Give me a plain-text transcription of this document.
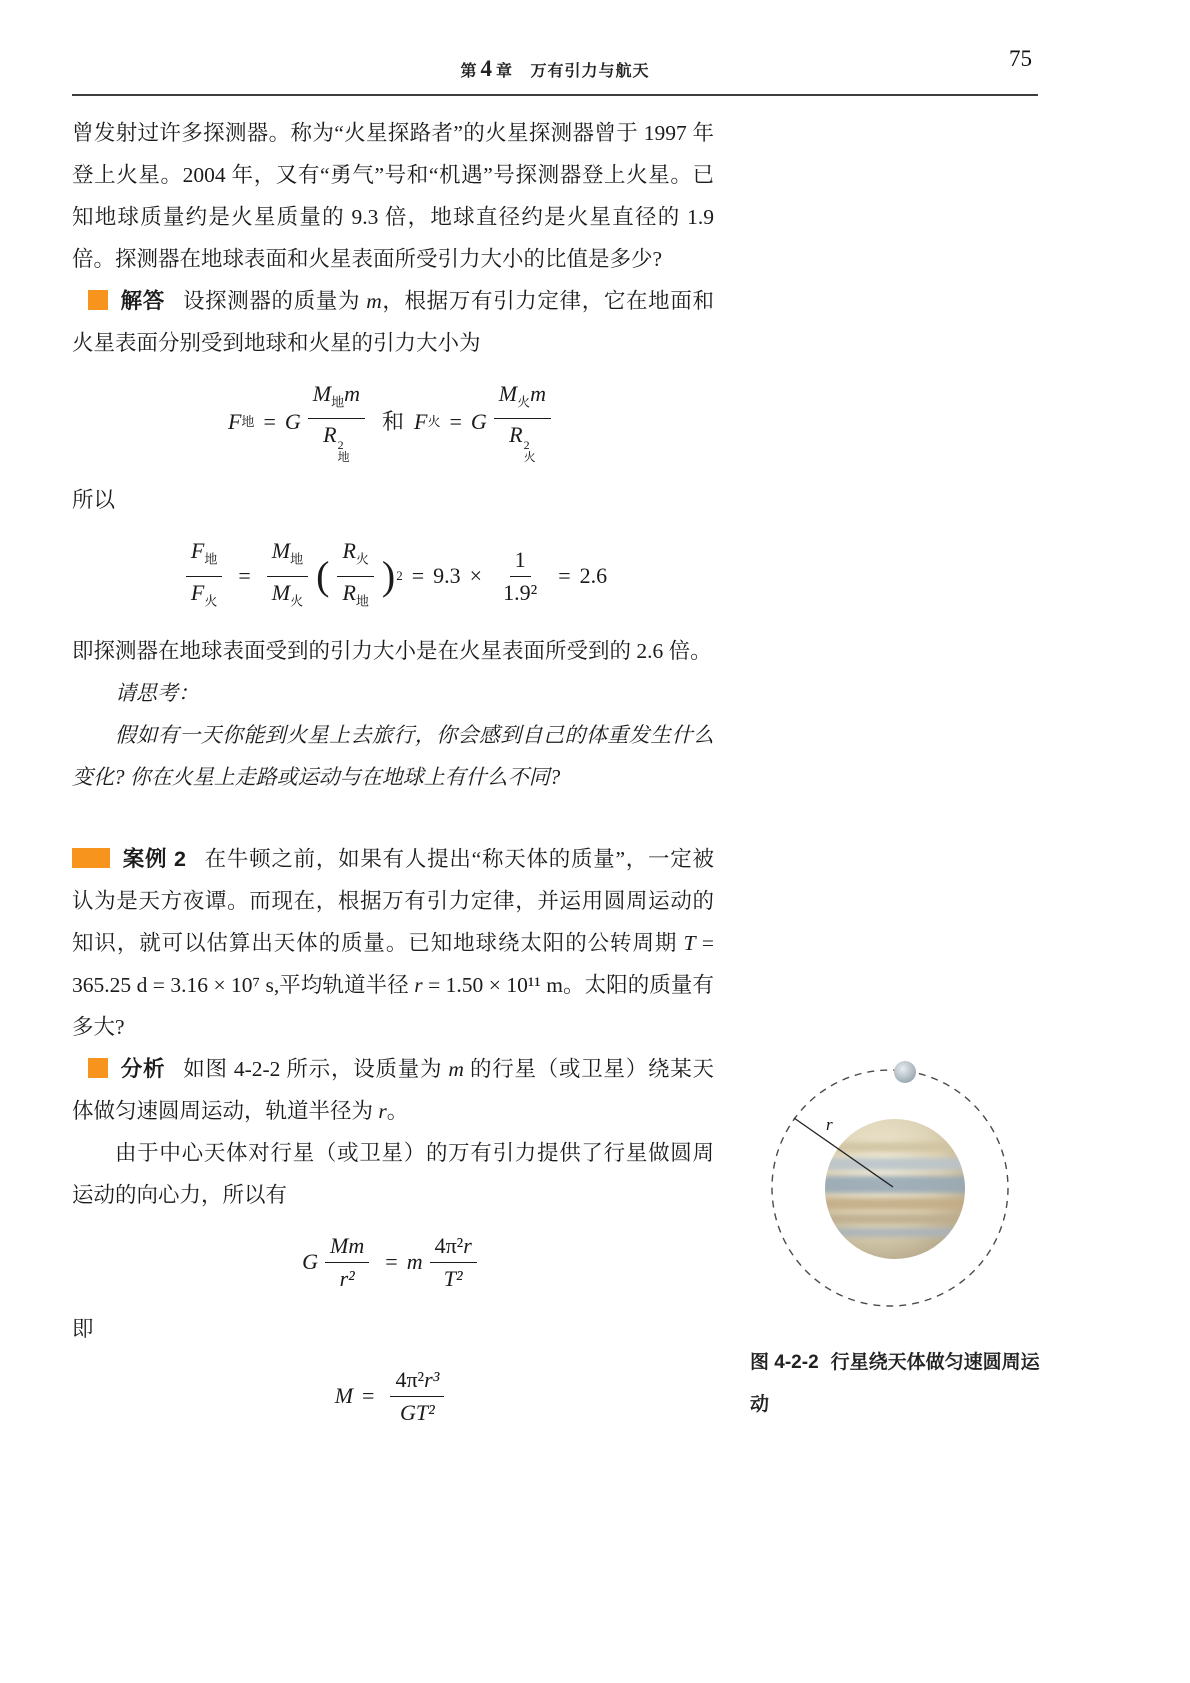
第 4 章 万有引力与航天
75

曾发射过许多探测器。称为“火星探路者”的火星探测器曾于 1997 年登上火星。2004 年，又有“勇气”号和“机遇”号探测器登上火星。已知地球质量约是火星质量的 9.3 倍，地球直径约是火星直径的 1.9 倍。探测器在地球表面和火星表面所受引力大小的比值是多少?

解答 设探测器的质量为 m，根据万有引力定律，它在地面和火星表面分别受到地球和火星的引力大小为

F 地 = G $M_地m$
R 2
地 和 F 火 = G $M_火m$
R 2
火

所以

$\frac{F_地}{F_火} = \frac{M_地}{M_火}$ ( $\frac{R_火}{R_地}$ ) $2 = 9.3 \times \frac{1}{\text{1.9²}} = 2.6$

即探测器在地球表面受到的引力大小是在火星表面所受到的 2.6 倍。

请思考：

假如有一天你能到火星上去旅行，你会感到自己的体重发生什么变化? 你在火星上走路或运动与在地球上有什么不同?

案例 2 在牛顿之前，如果有人提出“称天体的质量”，一定被认为是天方夜谭。而现在，根据万有引力定律，并运用圆周运动的知识，就可以估算出天体的质量。已知地球绕太阳的公转周期 T = 365.25 d = 3.16 × 10⁷ s,平均轨道半径 r = 1.50 × 10¹¹ m。太阳的质量有多大?

分析 如图 4-2-2 所示，设质量为 m 的行星（或卫星）绕某天体做匀速圆周运动，轨道半径为 r。

由于中心天体对行星（或卫星）的万有引力提供了行星做圆周运动的向心力，所以有

G $\frac{Mm}{\text{r²}} = m \frac{\text{4π²r}}{\text{T²}}$

即

$M = \frac{\text{4π²r³}}{\text{GT²}}$
r
图 4-2-2 行星绕天体做匀速圆周运动
